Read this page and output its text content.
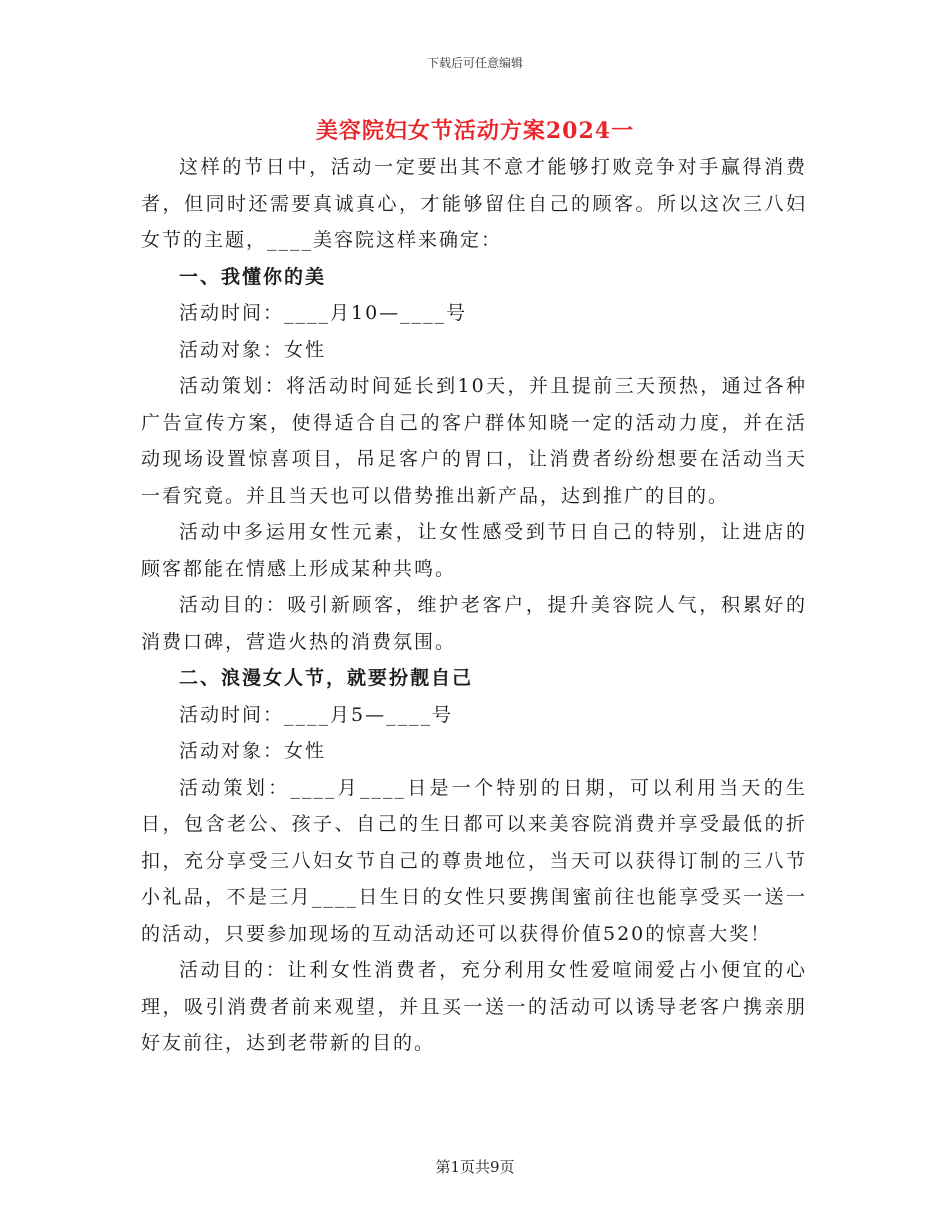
下载后可任意编辑
美容院妇女节活动方案2024一

这样的节日中，活动一定要出其不意才能够打败竞争对手赢得消费者，但同时还需要真诚真心，才能够留住自己的顾客。所以这次三八妇女节的主题，____美容院这样来确定：

一、我懂你的美

活动时间：____月10—____号

活动对象：女性

活动策划：将活动时间延长到10天，并且提前三天预热，通过各种广告宣传方案，使得适合自己的客户群体知晓一定的活动力度，并在活动现场设置惊喜项目，吊足客户的胃口，让消费者纷纷想要在活动当天一看究竟。并且当天也可以借势推出新产品，达到推广的目的。

活动中多运用女性元素，让女性感受到节日自己的特别，让进店的顾客都能在情感上形成某种共鸣。

活动目的：吸引新顾客，维护老客户，提升美容院人气，积累好的消费口碑，营造火热的消费氛围。

二、浪漫女人节，就要扮靓自己

活动时间：____月5—____号

活动对象：女性

活动策划：____月____日是一个特别的日期，可以利用当天的生日，包含老公、孩子、自己的生日都可以来美容院消费并享受最低的折扣，充分享受三八妇女节自己的尊贵地位，当天可以获得订制的三八节小礼品，不是三月____日生日的女性只要携闺蜜前往也能享受买一送一的活动，只要参加现场的互动活动还可以获得价值520的惊喜大奖！

活动目的：让利女性消费者，充分利用女性爱喧闹爱占小便宜的心理，吸引消费者前来观望，并且买一送一的活动可以诱导老客户携亲朋好友前往，达到老带新的目的。

第1页共9页
